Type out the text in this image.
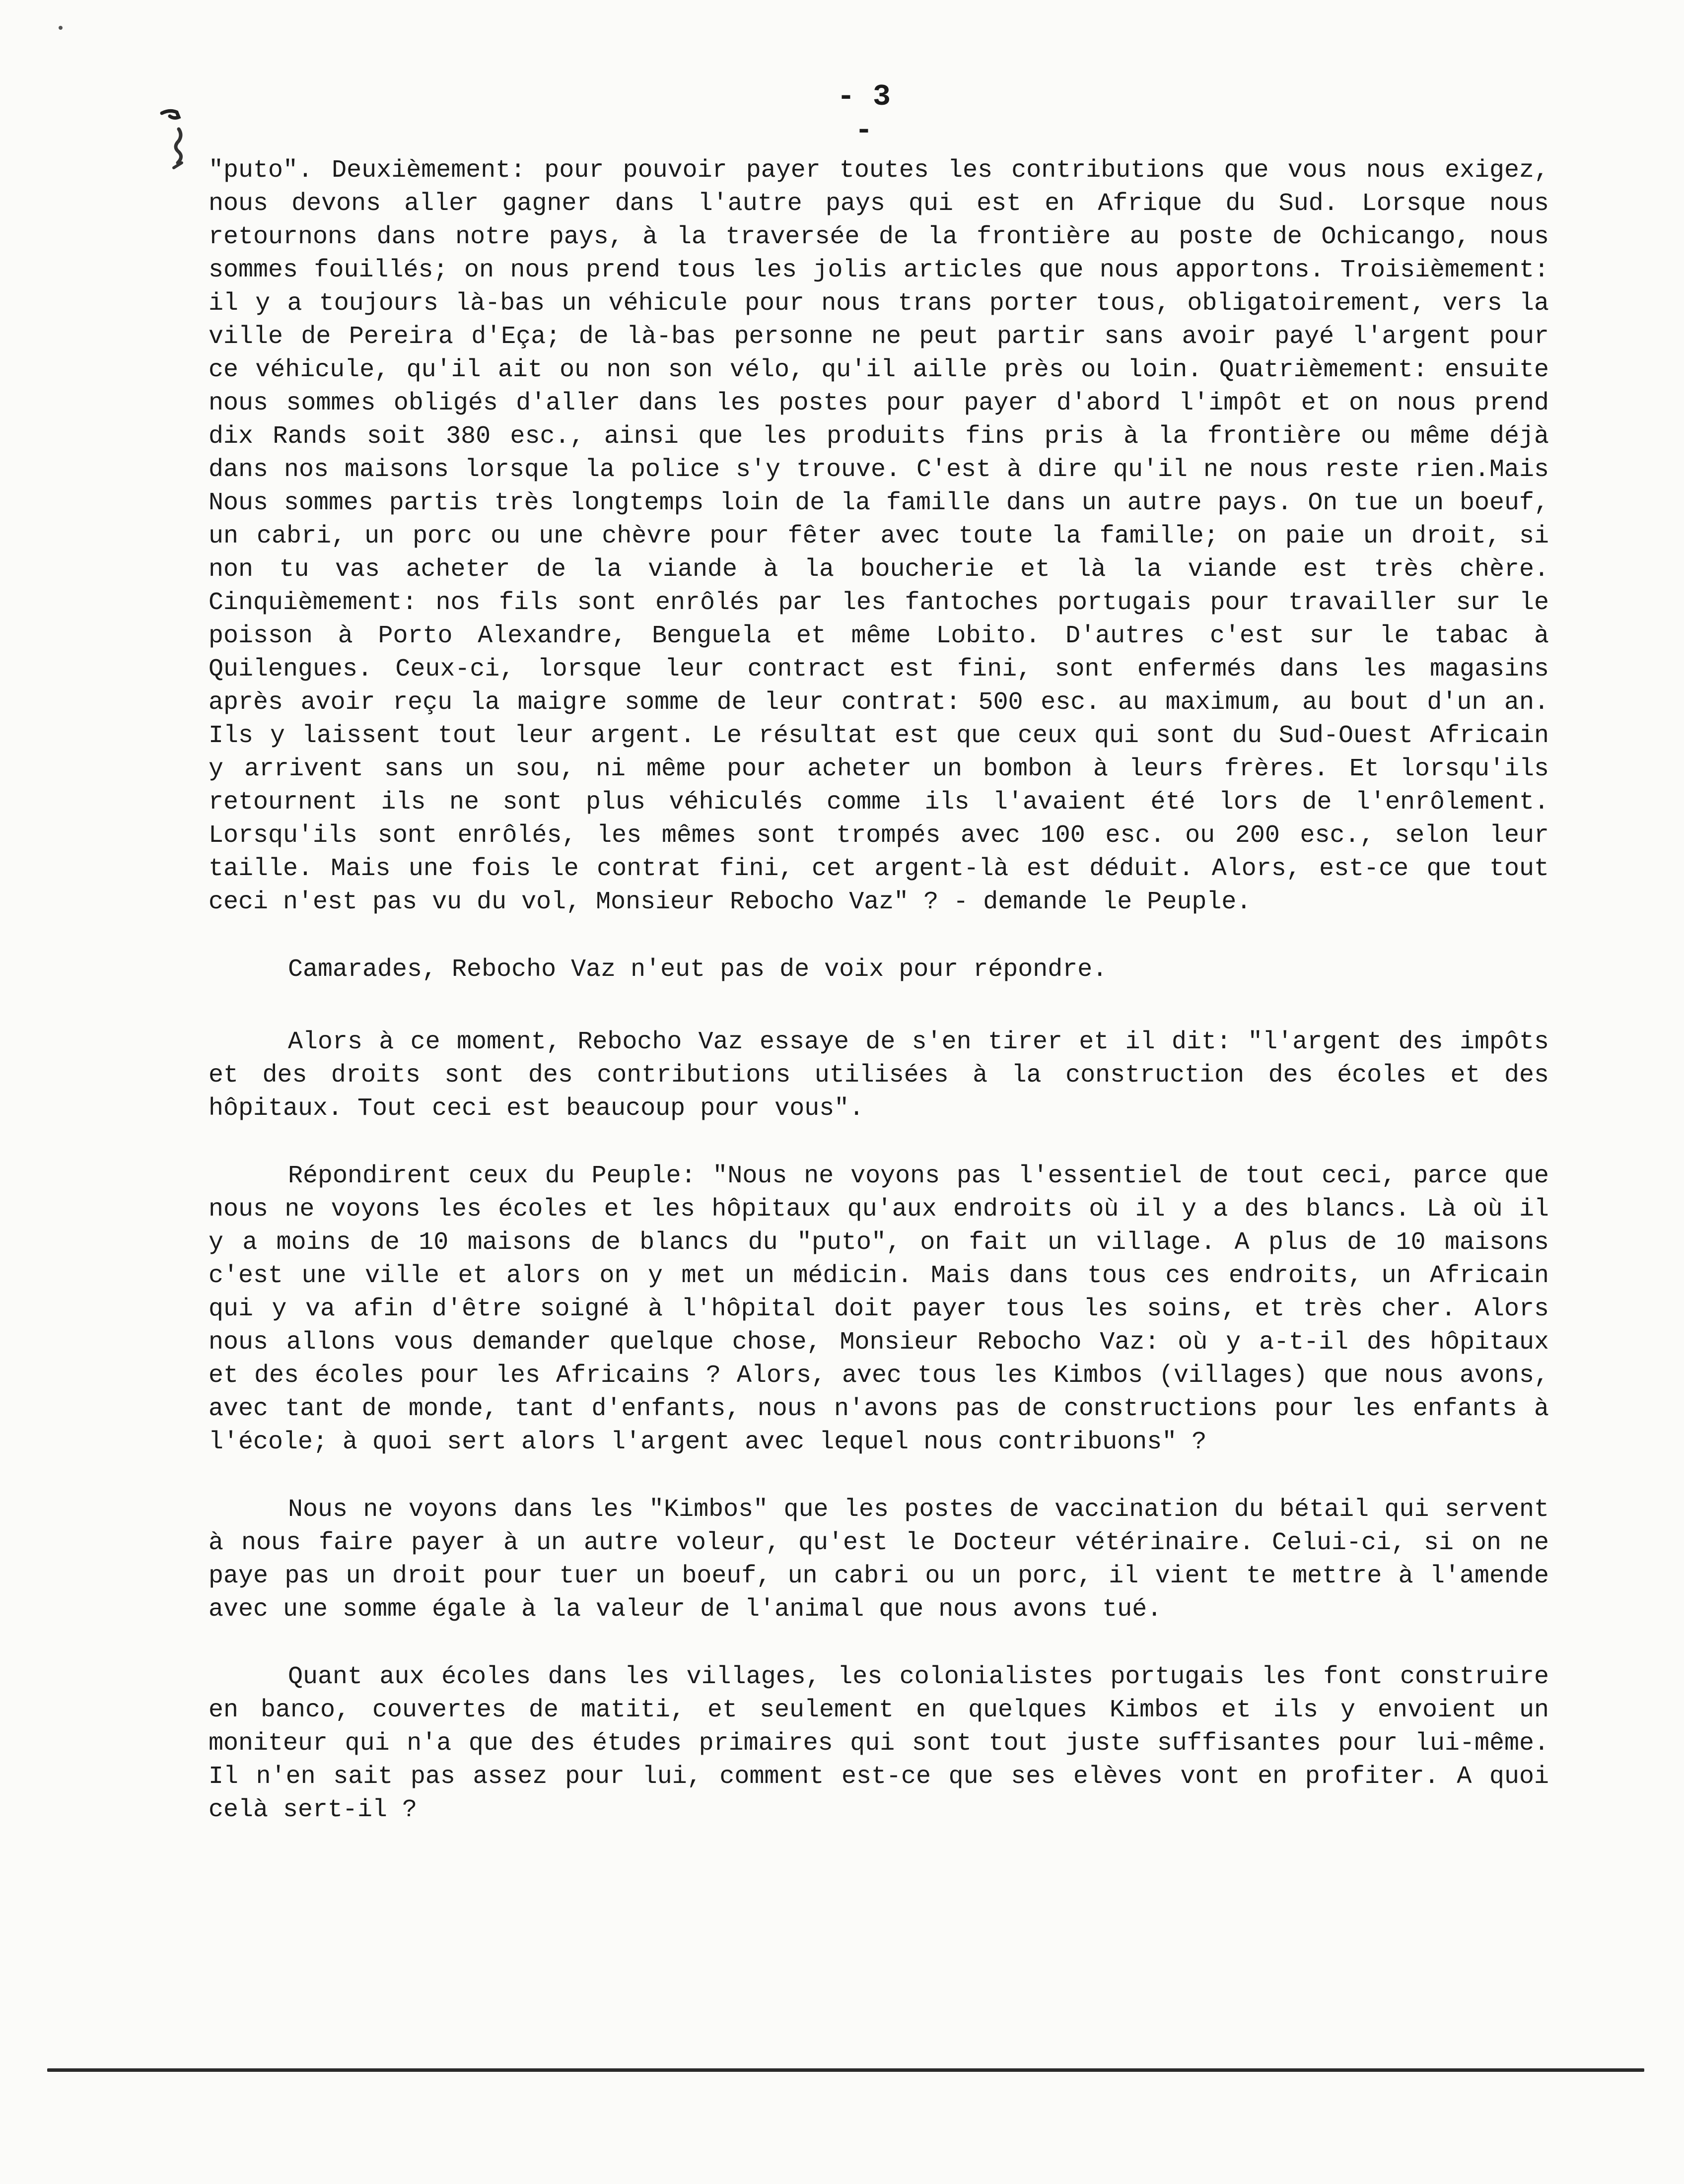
- 3 -

"puto". Deuxièmement: pour pouvoir payer toutes les contributions que vous nous exigez, nous devons aller gagner dans l'autre pays qui est en Afrique du Sud. Lorsque nous retournons dans notre pays, à la traversée de la frontière au poste de Ochicango, nous sommes fouillés; on nous prend tous les jolis articles que nous apportons. Troisièmement: il y a toujours là-bas un véhicule pour nous trans porter tous, obligatoirement, vers la ville de Pereira d'Eça; de là-bas personne ne peut partir sans avoir payé l'argent pour ce véhicule, qu'il ait ou non son vélo, qu'il aille près ou loin. Quatrièmement: ensuite nous sommes obligés d'aller dans les postes pour payer d'abord l'impôt et on nous prend dix Rands soit 380 esc., ainsi que les produits fins pris à la frontière ou même déjà dans nos maisons lorsque la police s'y trouve. C'est à dire qu'il ne nous reste rien.Mais Nous sommes partis très longtemps loin de la famille dans un autre pays. On tue un boeuf, un cabri, un porc ou une chèvre pour fêter avec toute la famille; on paie un droit, si non tu vas acheter de la viande à la boucherie et là la viande est très chère. Cinquièmement: nos fils sont enrôlés par les fantoches portugais pour travailler sur le poisson à Porto Alexandre, Benguela et même Lobito. D'autres c'est sur le tabac à Quilengues. Ceux-ci, lorsque leur contract est fini, sont enfermés dans les magasins après avoir reçu la maigre somme de leur contrat: 500 esc. au maximum, au bout d'un an. Ils y laissent tout leur argent. Le résultat est que ceux qui sont du Sud-Ouest Africain y arrivent sans un sou, ni même pour acheter un bombon à leurs frères. Et lorsqu'ils retournent ils ne sont plus véhiculés comme ils l'avaient été lors de l'enrôlement. Lorsqu'ils sont enrôlés, les mêmes sont trompés avec 100 esc. ou 200 esc., selon leur taille. Mais une fois le contrat fini, cet argent-là est déduit. Alors, est-ce que tout ceci n'est pas vu du vol, Monsieur Rebocho Vaz" ? - demande le Peuple.

Camarades, Rebocho Vaz n'eut pas de voix pour répondre.

Alors à ce moment, Rebocho Vaz essaye de s'en tirer et il dit: "l'argent des impôts et des droits sont des contributions utilisées à la construction des écoles et des hôpitaux. Tout ceci est beaucoup pour vous".

Répondirent ceux du Peuple: "Nous ne voyons pas l'essentiel de tout ceci, parce que nous ne voyons les écoles et les hôpitaux qu'aux endroits où il y a des blancs. Là où il y a moins de 10 maisons de blancs du "puto", on fait un village. A plus de 10 maisons c'est une ville et alors on y met un médicin. Mais dans tous ces endroits, un Africain qui y va afin d'être soigné à l'hôpital doit payer tous les soins, et très cher. Alors nous allons vous demander quelque chose, Monsieur Rebocho Vaz: où y a-t-il des hôpitaux et des écoles pour les Africains ? Alors, avec tous les Kimbos (villages) que nous avons, avec tant de monde, tant d'enfants, nous n'avons pas de constructions pour les enfants à l'école; à quoi sert alors l'argent avec lequel nous contribuons" ?

Nous ne voyons dans les "Kimbos" que les postes de vaccination du bétail qui servent à nous faire payer à un autre voleur, qu'est le Docteur vétérinaire. Celui-ci, si on ne paye pas un droit pour tuer un boeuf, un cabri ou un porc, il vient te mettre à l'amende avec une somme égale à la valeur de l'animal que nous avons tué.

Quant aux écoles dans les villages, les colonialistes portugais les font construire en banco, couvertes de matiti, et seulement en quelques Kimbos et ils y envoient un moniteur qui n'a que des études primaires qui sont tout juste suffisantes pour lui-même. Il n'en sait pas assez pour lui, comment est-ce que ses elèves vont en profiter. A quoi celà sert-il ?
